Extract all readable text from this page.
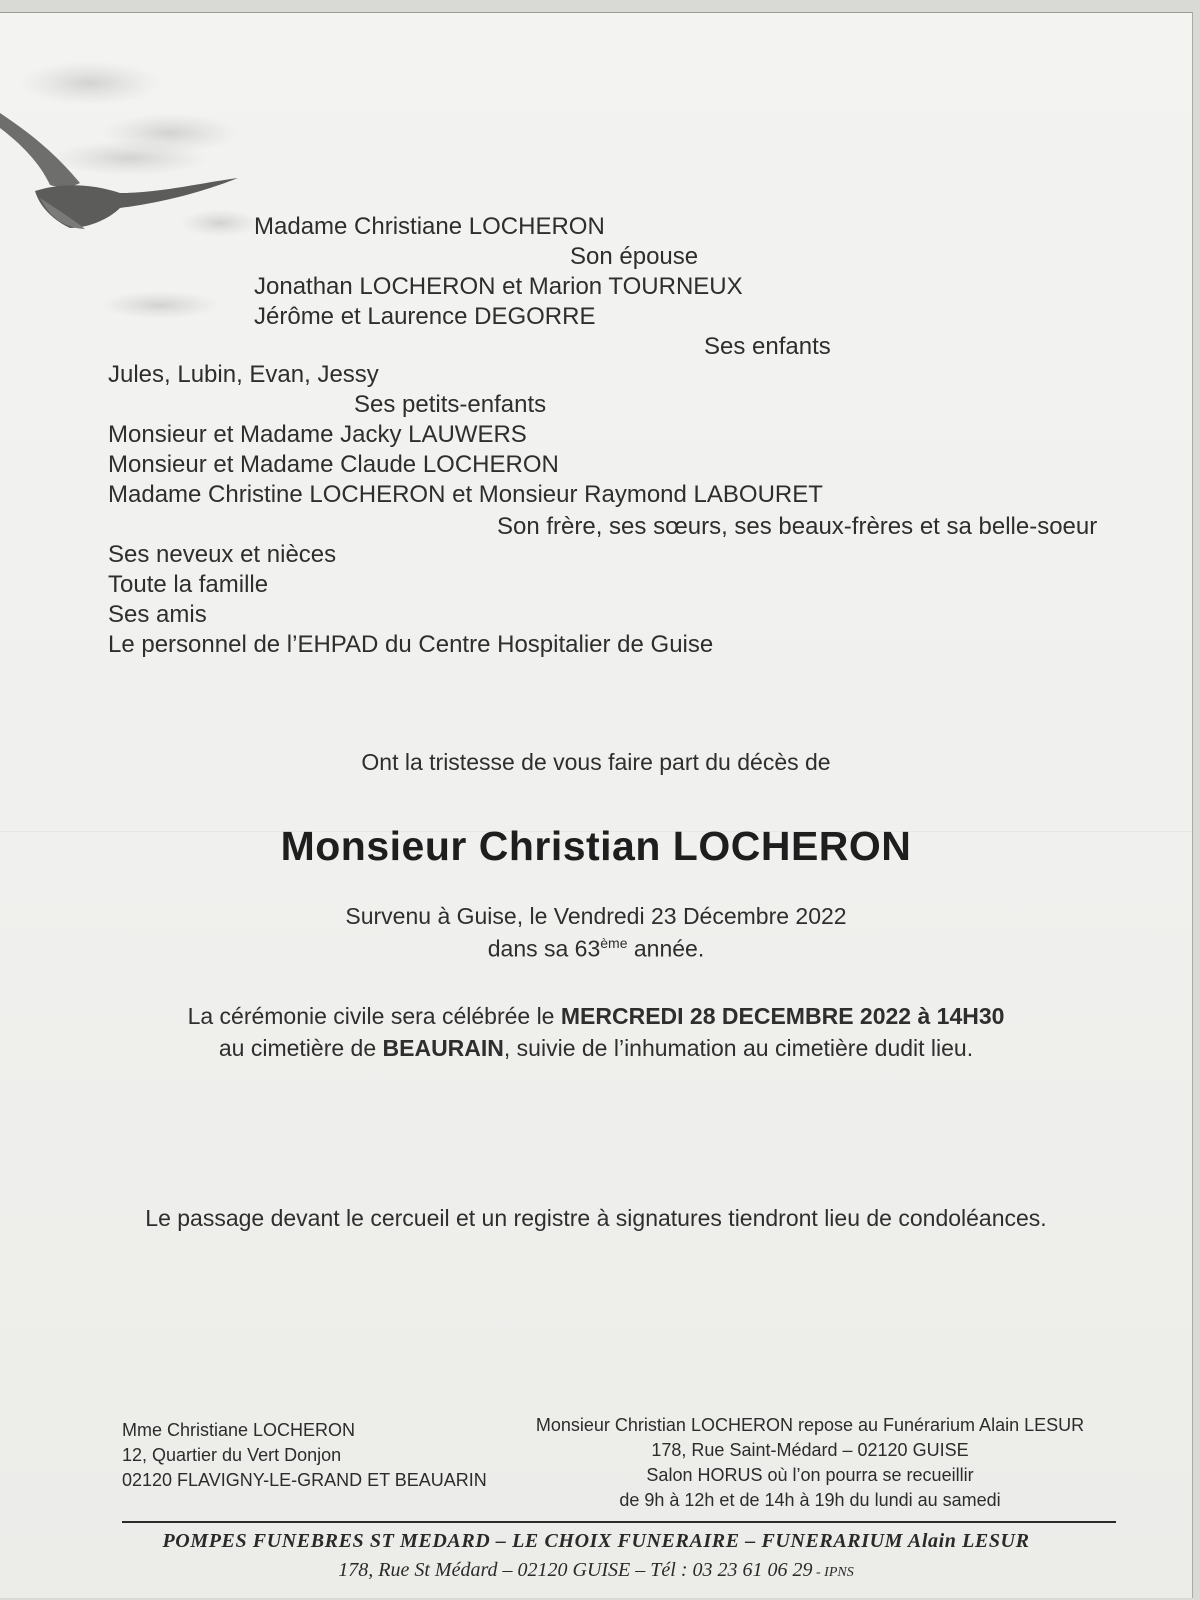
Madame Christiane LOCHERON
Son épouse
Jonathan LOCHERON et Marion TOURNEUX
Jérôme et Laurence DEGORRE
Ses enfants
Jules, Lubin, Evan, Jessy
Ses petits-enfants
Monsieur et Madame Jacky LAUWERS
Monsieur et Madame Claude LOCHERON
Madame Christine LOCHERON et Monsieur Raymond LABOURET
Son frère, ses sœurs, ses beaux-frères et sa belle-soeur
Ses neveux et nièces
Toute la famille
Ses amis
Le personnel de l’EHPAD du Centre Hospitalier de Guise
Ont la tristesse de vous faire part du décès de
Monsieur Christian LOCHERON
Survenu à Guise, le Vendredi 23 Décembre 2022
dans sa 63ème année.
La cérémonie civile sera célébrée le MERCREDI 28 DECEMBRE 2022 à 14H30
au cimetière de BEAURAIN, suivie de l’inhumation au cimetière dudit lieu.
Le passage devant le cercueil et un registre à signatures tiendront lieu de condoléances.
Mme Christiane LOCHERON
12, Quartier du Vert Donjon
02120 FLAVIGNY-LE-GRAND ET BEAUARIN
Monsieur Christian LOCHERON repose au Funérarium Alain LESUR
178, Rue Saint-Médard – 02120 GUISE
Salon HORUS où l’on pourra se recueillir
de 9h à 12h et de 14h à 19h du lundi au samedi
POMPES FUNEBRES ST MEDARD – LE CHOIX FUNERAIRE – FUNERARIUM Alain LESUR
178, Rue St Médard – 02120 GUISE – Tél : 03 23 61 06 29 - IPNS
